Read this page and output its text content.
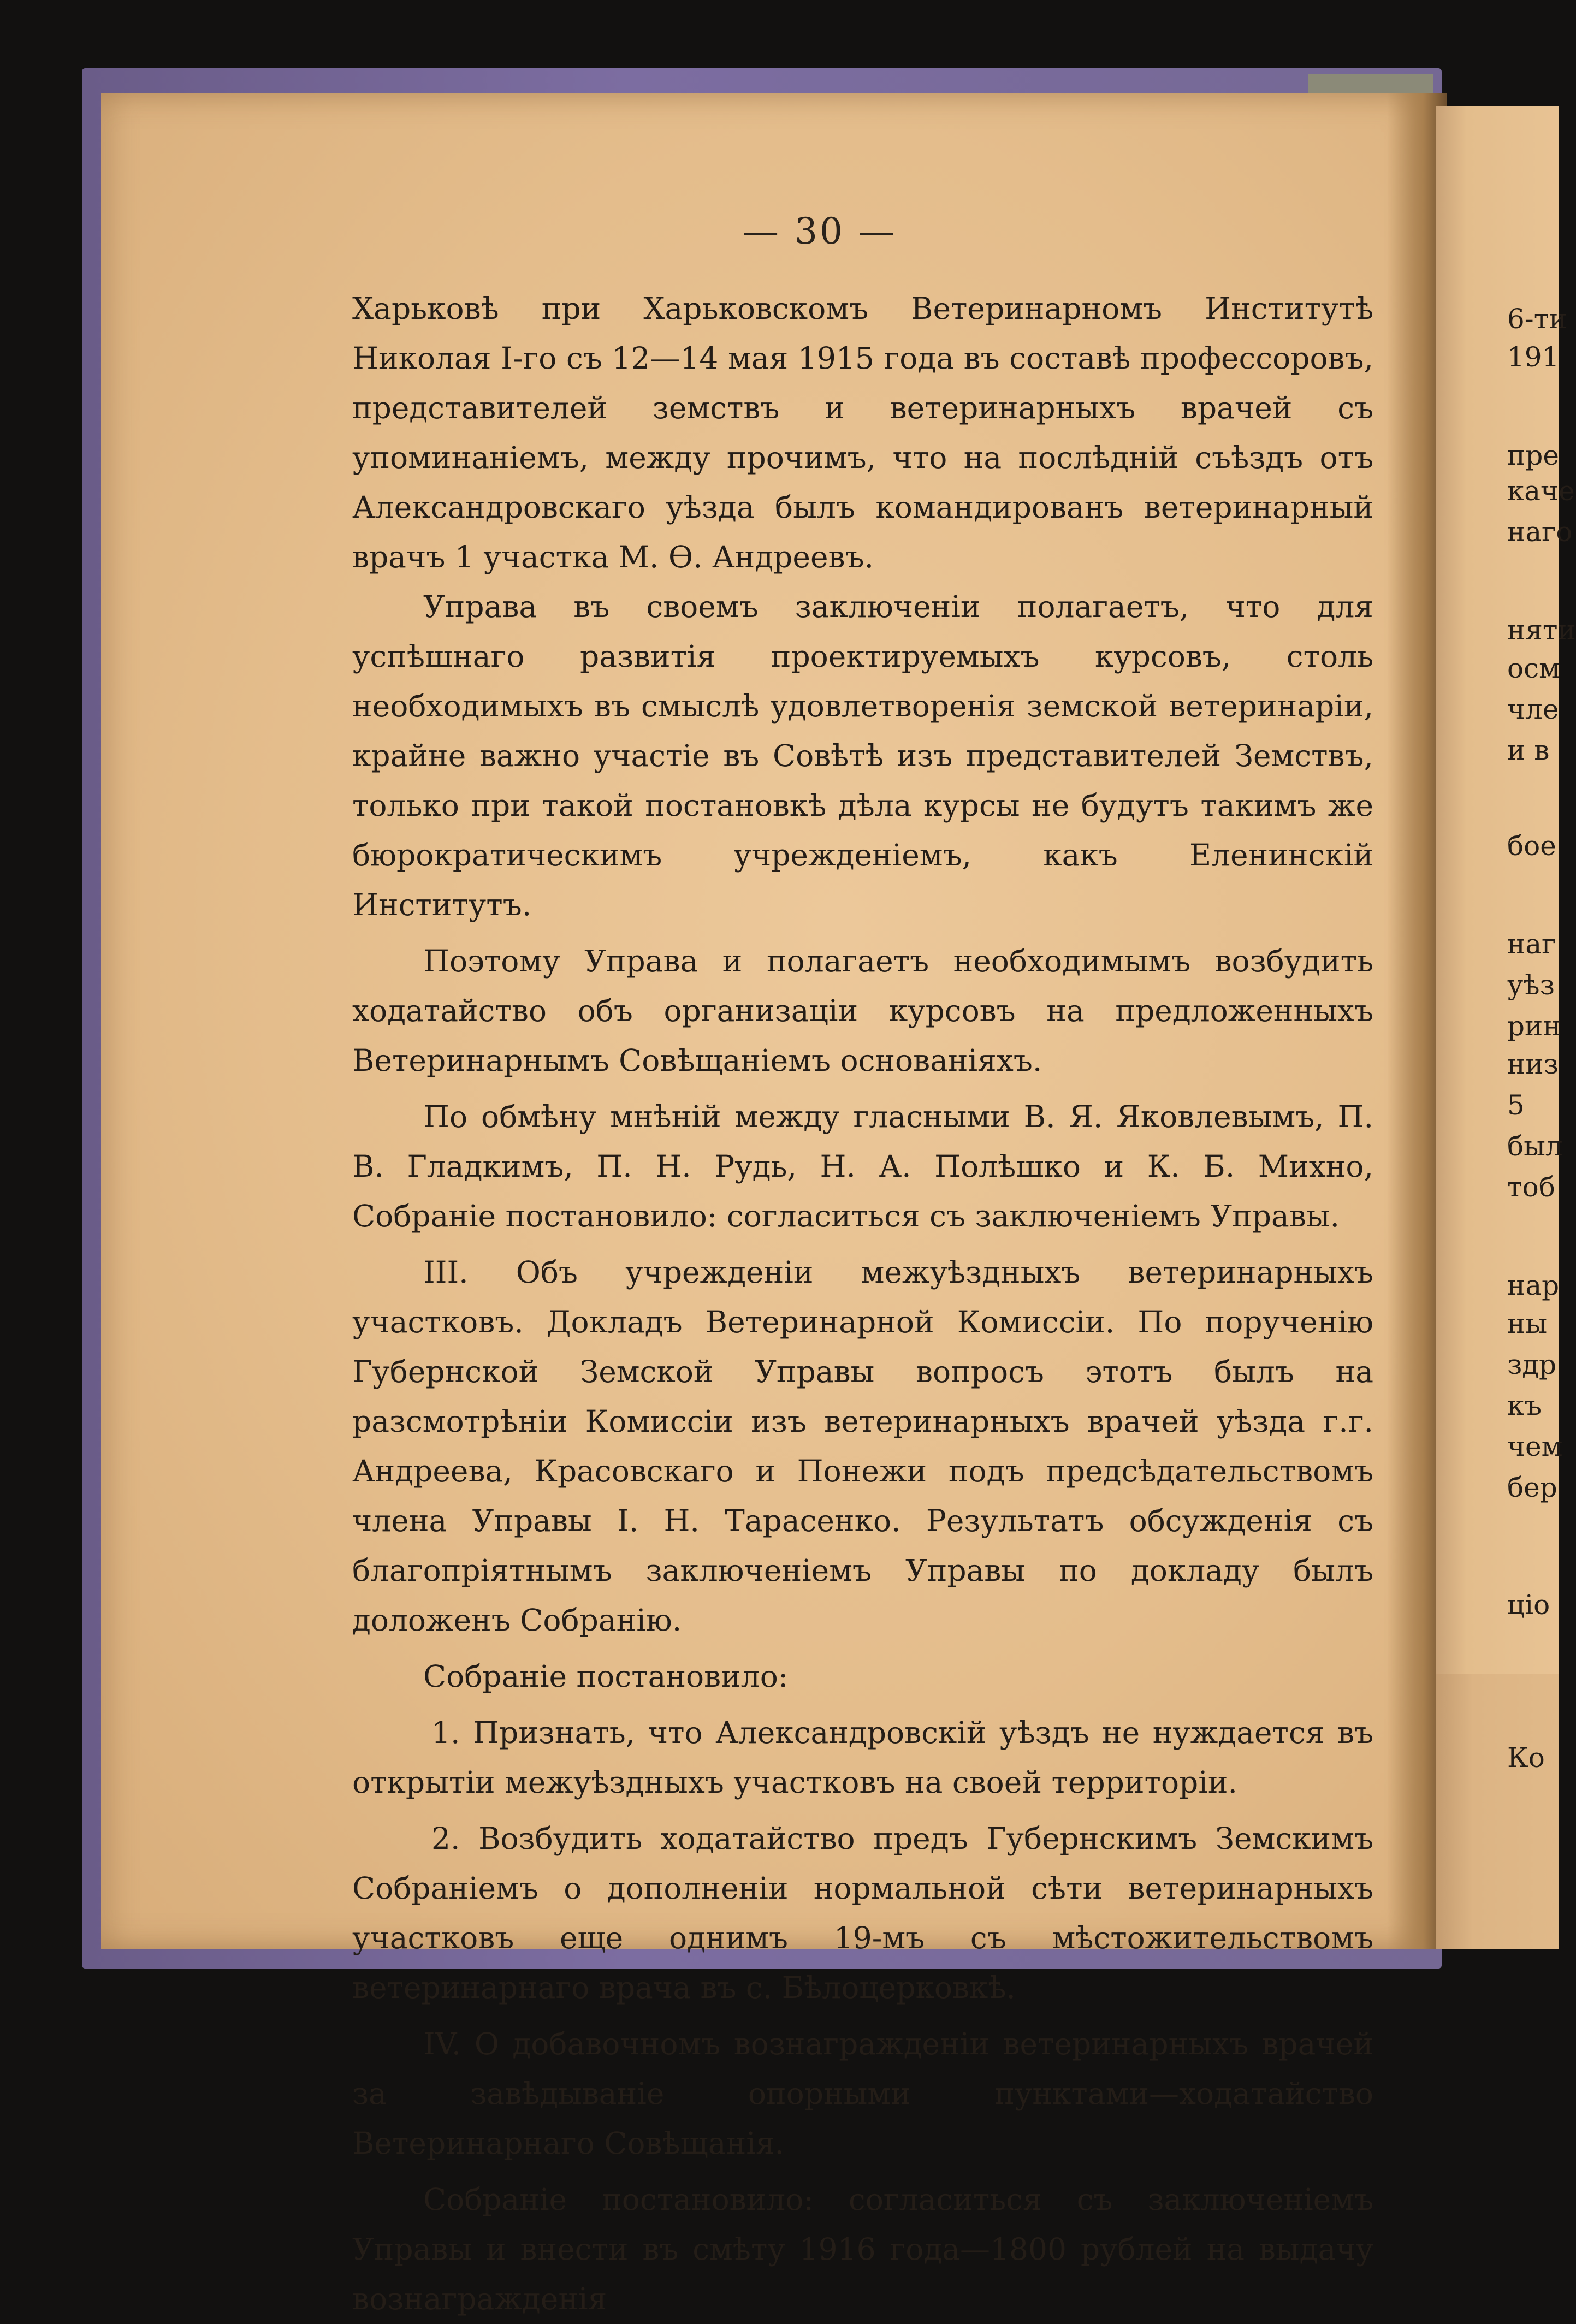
— 30 —

Харьковѣ при Харьковскомъ Ветеринарномъ Институтѣ Николая I-го съ 12—14 мая 1915 года въ составѣ профессоровъ, представителей земствъ и ветеринарныхъ врачей съ упоминаніемъ, между прочимъ, что на послѣдній съѣздъ отъ Александровскаго уѣзда былъ командированъ ветеринарный врачъ 1 участка М. Ѳ. Андреевъ.

Управа въ своемъ заключеніи полагаетъ, что для успѣшнаго развитія проектируемыхъ курсовъ, столь необходимыхъ въ смыслѣ удовлетворенія земской ветеринаріи, крайне важно участіе въ Совѣтѣ изъ представителей Земствъ, только при такой постановкѣ дѣла курсы не будутъ такимъ же бюрократическимъ учрежденіемъ, какъ Еленинскій Институтъ.

Поэтому Управа и полагаетъ необходимымъ возбудить ходатайство объ организаціи курсовъ на предложенныхъ Ветеринарнымъ Совѣщаніемъ основаніяхъ.

По обмѣну мнѣній между гласными В. Я. Яковлевымъ, П. В. Гладкимъ, П. Н. Рудь, Н. А. Полѣшко и К. Б. Михно, Собраніе постановило: согласиться съ заключеніемъ Управы.

III. Объ учрежденіи межуѣздныхъ ветеринарныхъ участковъ. Докладъ Ветеринарной Комиссіи. По порученію Губернской Земской Управы вопросъ этотъ былъ на разсмотрѣніи Комиссіи изъ ветеринарныхъ врачей уѣзда г.г. Андреева, Красовскаго и Понежи подъ предсѣдательствомъ члена Управы I. Н. Тарасенко. Результатъ обсужденія съ благопріятнымъ заключеніемъ Управы по докладу былъ доложенъ Собранію.

Собраніе постановило:

1. Признать, что Александровскій уѣздъ не нуждается въ открытіи межуѣздныхъ участковъ на своей территоріи.

2. Возбудить ходатайство предъ Губернскимъ Земскимъ Собраніемъ о дополненіи нормальной сѣти ветеринарныхъ участковъ еще однимъ 19-мъ съ мѣстожительствомъ ветеринарнаго врача въ с. Бѣлоцерковкѣ.

IV. О добавочномъ вознагражденіи ветеринарныхъ врачей за завѣдываніе опорными пунктами—ходатайство Ветеринарнаго Совѣщанія.

Собраніе постановило: согласиться съ заключеніемъ Управы и внести въ смѣту 1916 года—1800 рублей на выдачу вознагражденія

6-ти
191
пре
каче
наго
няти
осм
чле
и в
бое
наг
уѣз
рин
низ
5
был
тоб
нар
ны
здр
къ
чем
бер
ціо
Ко
